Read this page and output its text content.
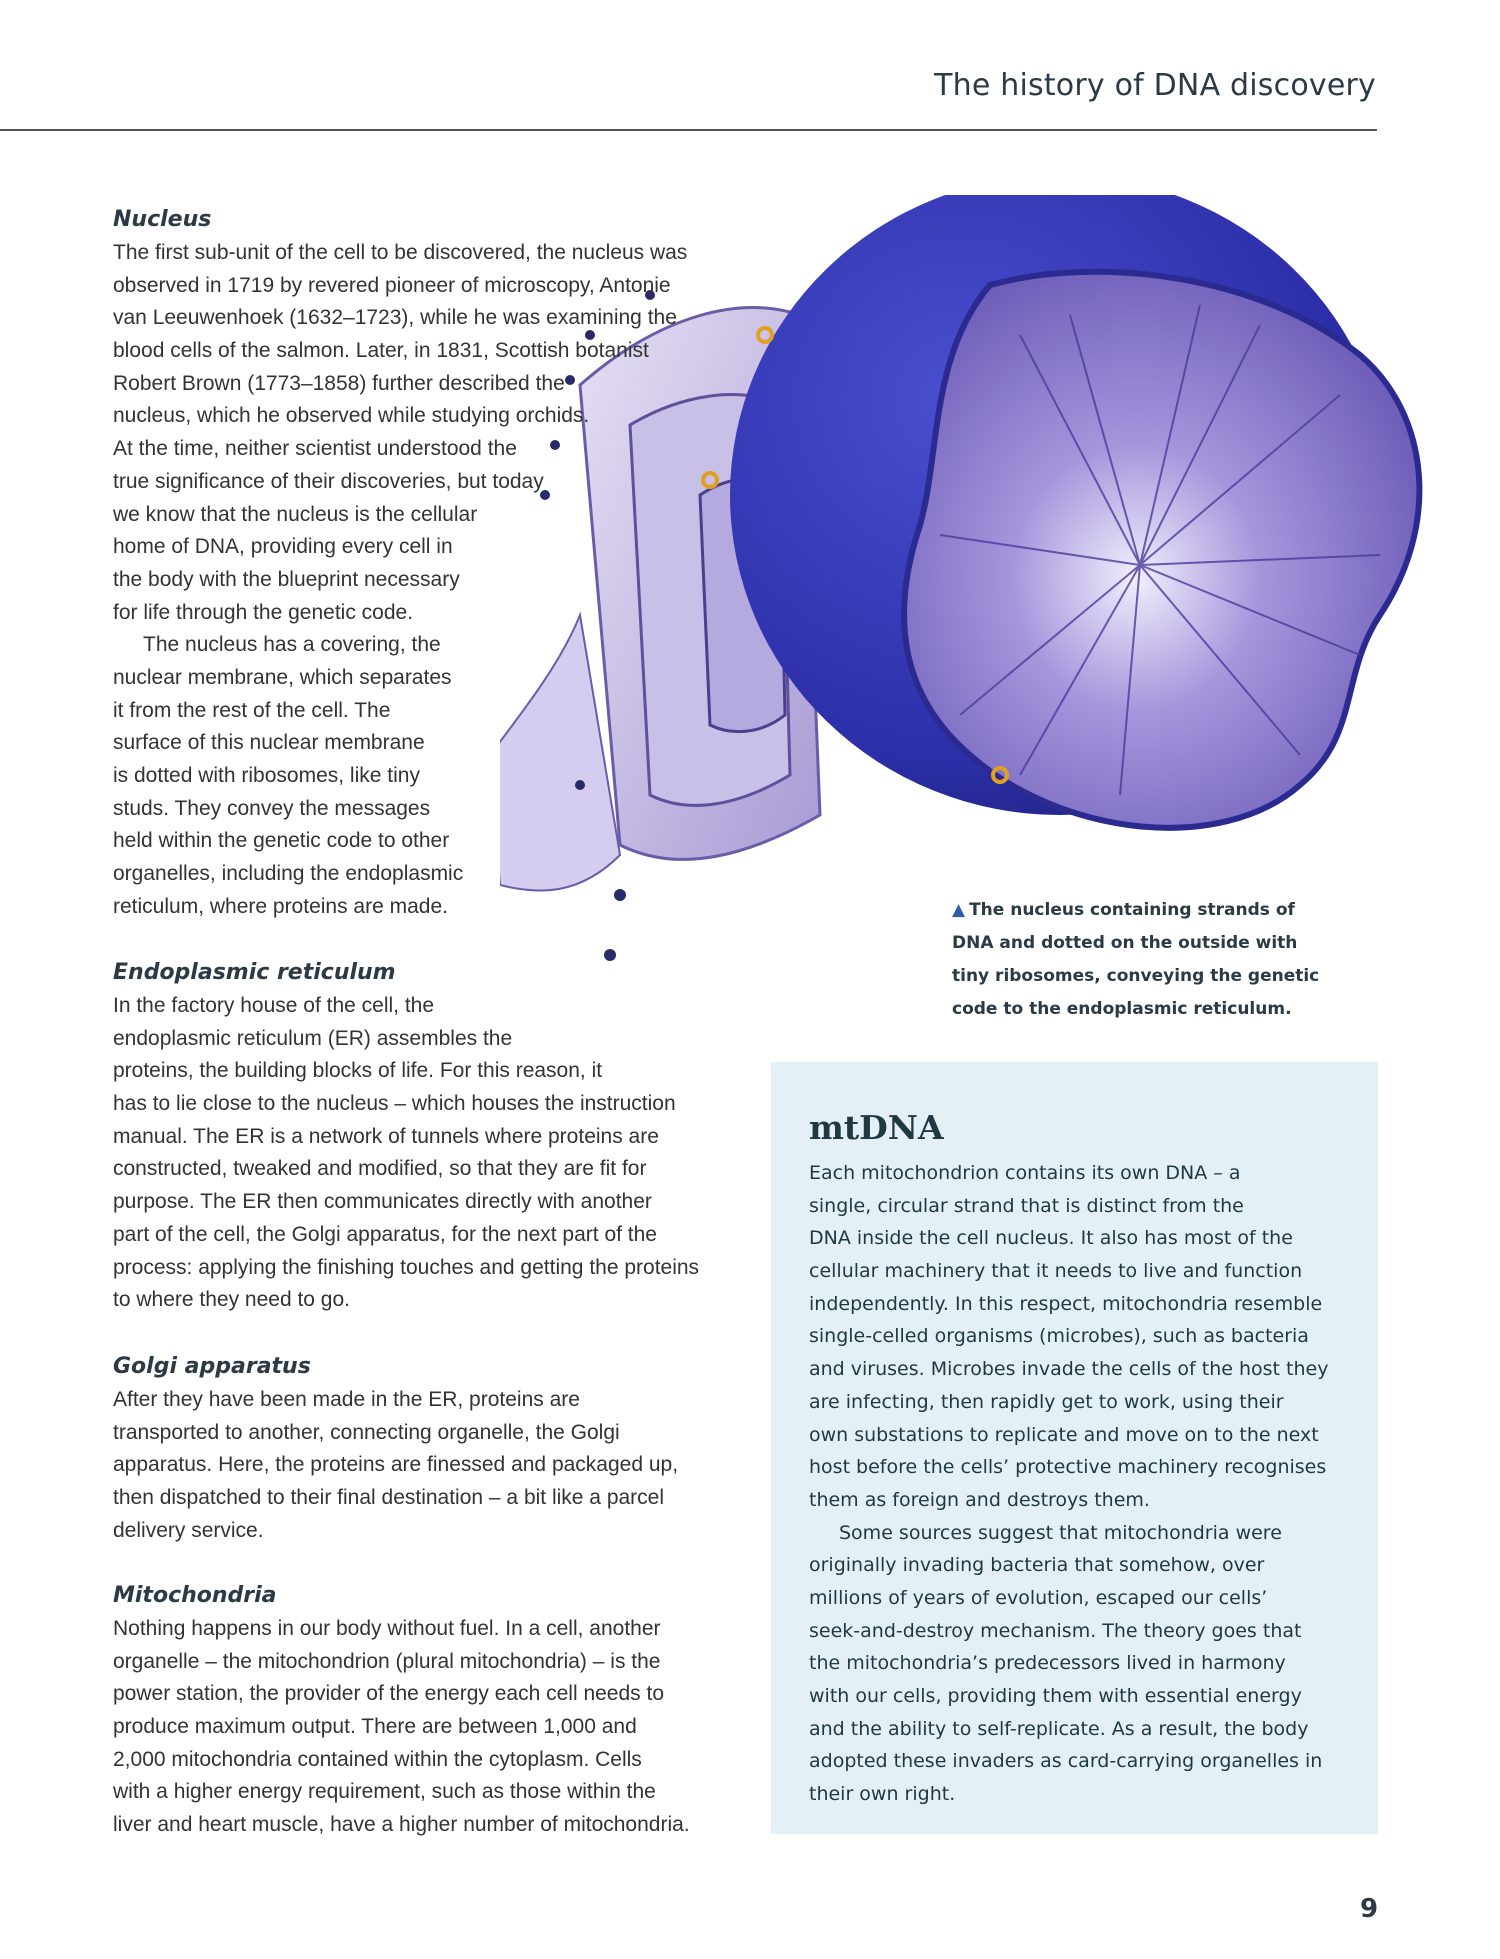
The history of DNA discovery
Nucleus
The first sub-unit of the cell to be discovered, the nucleus was
observed in 1719 by revered pioneer of microscopy, Antonie
van Leeuwenhoek (1632–1723), while he was examining the
blood cells of the salmon. Later, in 1831, Scottish botanist
Robert Brown (1773–1858) further described the
nucleus, which he observed while studying orchids.
At the time, neither scientist understood the
true significance of their discoveries, but today
we know that the nucleus is the cellular
home of DNA, providing every cell in
the body with the blueprint necessary
for life through the genetic code.
The nucleus has a covering, the
nuclear membrane, which separates
it from the rest of the cell. The
surface of this nuclear membrane
is dotted with ribosomes, like tiny
studs. They convey the messages
held within the genetic code to other
organelles, including the endoplasmic
reticulum, where proteins are made.
Endoplasmic reticulum
In the factory house of the cell, the
endoplasmic reticulum (ER) assembles the
proteins, the building blocks of life. For this reason, it
has to lie close to the nucleus – which houses the instruction
manual. The ER is a network of tunnels where proteins are
constructed, tweaked and modified, so that they are fit for
purpose. The ER then communicates directly with another
part of the cell, the Golgi apparatus, for the next part of the
process: applying the finishing touches and getting the proteins
to where they need to go.
Golgi apparatus
After they have been made in the ER, proteins are
transported to another, connecting organelle, the Golgi
apparatus. Here, the proteins are finessed and packaged up,
then dispatched to their final destination – a bit like a parcel
delivery service.
Mitochondria
Nothing happens in our body without fuel. In a cell, another
organelle – the mitochondrion (plural mitochondria) – is the
power station, the provider of the energy each cell needs to
produce maximum output. There are between 1,000 and
2,000 mitochondria contained within the cytoplasm. Cells
with a higher energy requirement, such as those within the
liver and heart muscle, have a higher number of mitochondria.
▲ The nucleus containing strands of
DNA and dotted on the outside with
tiny ribosomes, conveying the genetic
code to the endoplasmic reticulum.
mtDNA
Each mitochondrion contains its own DNA – a
single, circular strand that is distinct from the
DNA inside the cell nucleus. It also has most of the
cellular machinery that it needs to live and function
independently. In this respect, mitochondria resemble
single-celled organisms (microbes), such as bacteria
and viruses. Microbes invade the cells of the host they
are infecting, then rapidly get to work, using their
own substations to replicate and move on to the next
host before the cells’ protective machinery recognises
them as foreign and destroys them.
Some sources suggest that mitochondria were
originally invading bacteria that somehow, over
millions of years of evolution, escaped our cells’
seek-and-destroy mechanism. The theory goes that
the mitochondria’s predecessors lived in harmony
with our cells, providing them with essential energy
and the ability to self-replicate. As a result, the body
adopted these invaders as card-carrying organelles in
their own right.
9
